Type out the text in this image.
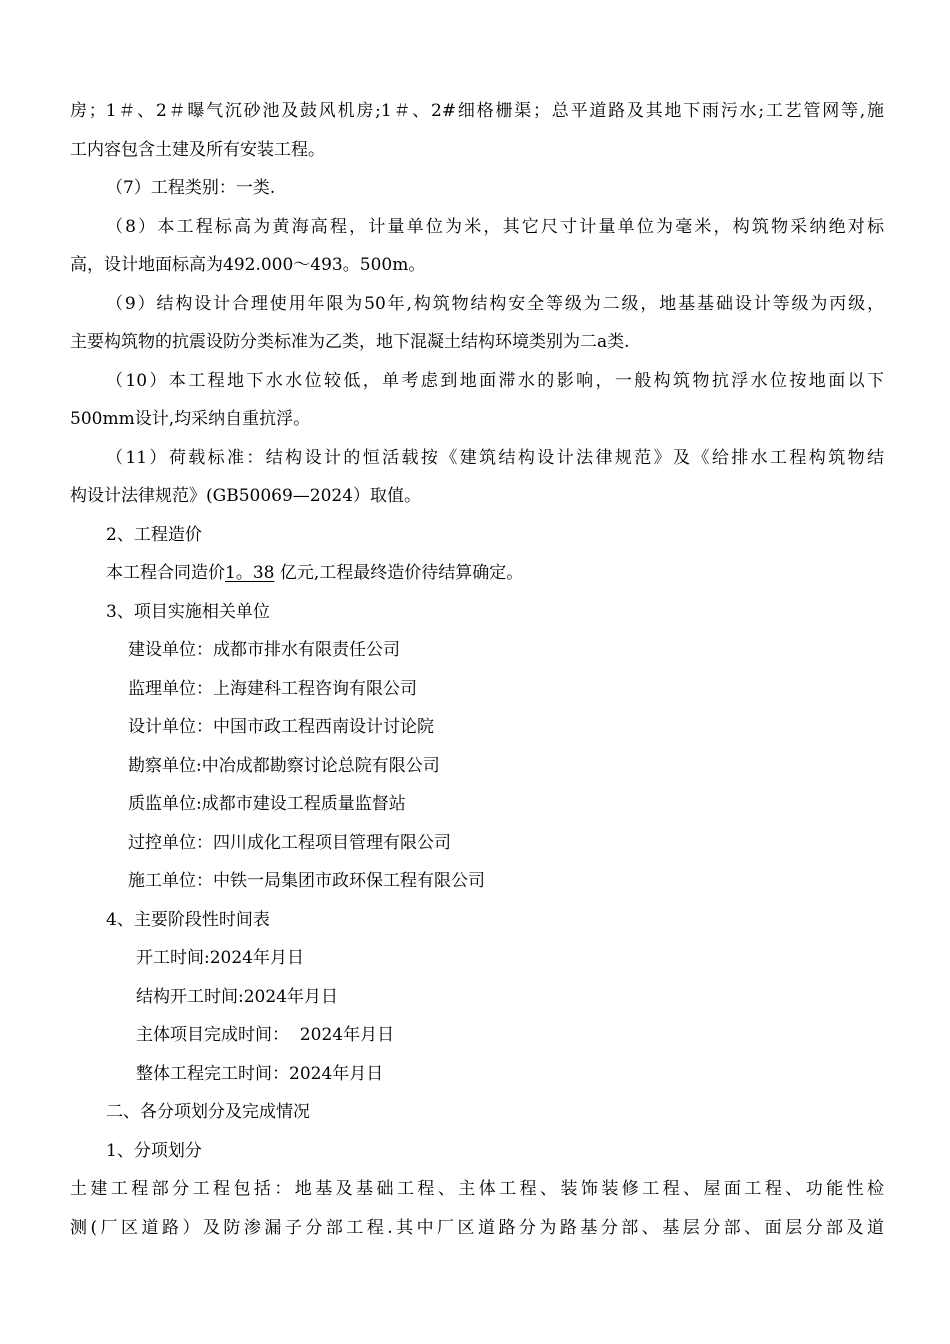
房；1＃、2＃曝气沉砂池及鼓风机房;1＃、2#细格栅渠；总平道路及其地下雨污水;工艺管网等,施

工内容包含土建及所有安装工程。

（7）工程类别：一类.

（8）本工程标高为黄海高程，计量单位为米，其它尺寸计量单位为毫米，构筑物采纳绝对标

高，设计地面标高为492.000～493。500m。

（9）结构设计合理使用年限为50年,构筑物结构安全等级为二级，地基基础设计等级为丙级，

主要构筑物的抗震设防分类标准为乙类，地下混凝土结构环境类别为二a类.

（10）本工程地下水水位较低，单考虑到地面滞水的影响，一般构筑物抗浮水位按地面以下

500mm设计,均采纳自重抗浮。

（11）荷载标准：结构设计的恒活载按《建筑结构设计法律规范》及《给排水工程构筑物结

构设计法律规范》(GB50069—2024）取值。

2、工程造价

本工程合同造价1。38 亿元,工程最终造价待结算确定。

3、项目实施相关单位

建设单位：成都市排水有限责任公司

监理单位：上海建科工程咨询有限公司

设计单位：中国市政工程西南设计讨论院

勘察单位:中冶成都勘察讨论总院有限公司

质监单位:成都市建设工程质量监督站

过控单位：四川成化工程项目管理有限公司

施工单位：中铁一局集团市政环保工程有限公司

4、主要阶段性时间表

开工时间:2024年月日

结构开工时间:2024年月日

主体项目完成时间：  2024年月日

整体工程完工时间：2024年月日

二、各分项划分及完成情况

1、分项划分

土建工程部分工程包括：地基及基础工程、主体工程、装饰装修工程、屋面工程、功能性检

测(厂区道路）及防渗漏子分部工程.其中厂区道路分为路基分部、基层分部、面层分部及道
